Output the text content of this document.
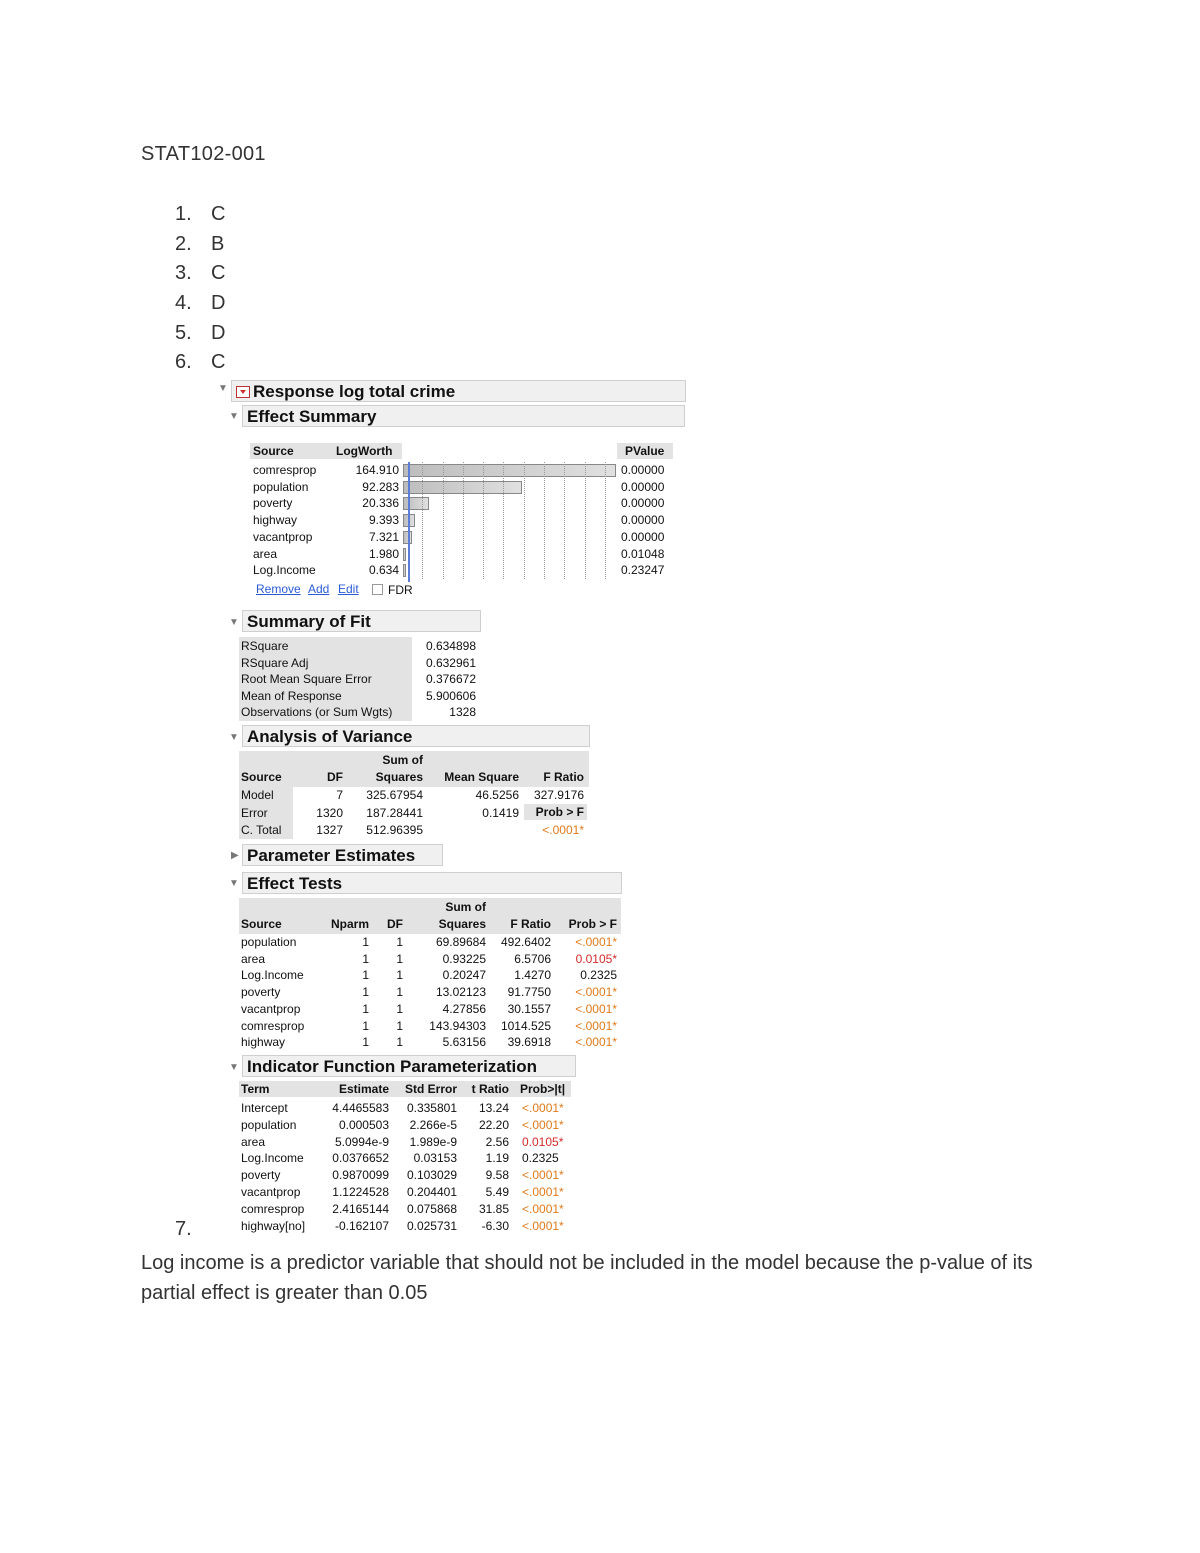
STAT102-001
1. C
2. B
3. C
4. D
5. D
6. C
▼	Response log total crime
▼ Effect Summary
Source	LogWorth	PValue
comresprop	164.910	0.00000
population	92.283	0.00000
poverty	20.336	0.00000
highway	9.393	0.00000
vacantprop	7.321	0.00000
area	1.980	0.01048
Log.Income	0.634	0.23247
Remove Add Edit FDR
▼ Summary of Fit
RSquare	0.634898
RSquare Adj	0.632961
Root Mean Square Error	0.376672
Mean of Response	5.900606
Observations (or Sum Wgts)	1328
▼ Analysis of Variance
Sum of
Source	DF	Squares	Mean Square	F Ratio
Model	7	325.67954	46.5256	327.9176
Error	1320	187.28441	0.1419
C. Total	1327	512.96395
Prob > F
<.0001*
▶ Parameter Estimates
▼ Effect Tests
Sum of
Source	Nparm	DF	Squares	F Ratio	Prob > F
population	1	1	69.89684	492.6402	<.0001*
area	1	1	0.93225	6.5706	0.0105*
Log.Income	1	1	0.20247	1.4270	0.2325
poverty	1	1	13.02123	91.7750	<.0001*
vacantprop	1	1	4.27856	30.1557	<.0001*
comresprop	1	1	143.94303	1014.525	<.0001*
highway	1	1	5.63156	39.6918	<.0001*
▼ Indicator Function Parameterization
Term	Estimate	Std Error	t Ratio Prob>|t|
Intercept	4.4465583	0.335801	13.24 <.0001*
population	0.000503	2.266e-5	22.20 <.0001*
area	5.0994e-9	1.989e-9	2.56 0.0105*
Log.Income	0.0376652	0.03153	1.19 0.2325
poverty	0.9870099	0.103029	9.58 <.0001*
vacantprop	1.1224528	0.204401	5.49 <.0001*
comresprop	2.4165144	0.075868	31.85 <.0001*
highway[no]	-0.162107	0.025731	-6.30 <.0001*
7.
Log income is a predictor variable that should not be included in the model because the p-value of its partial effect is greater than 0.05
